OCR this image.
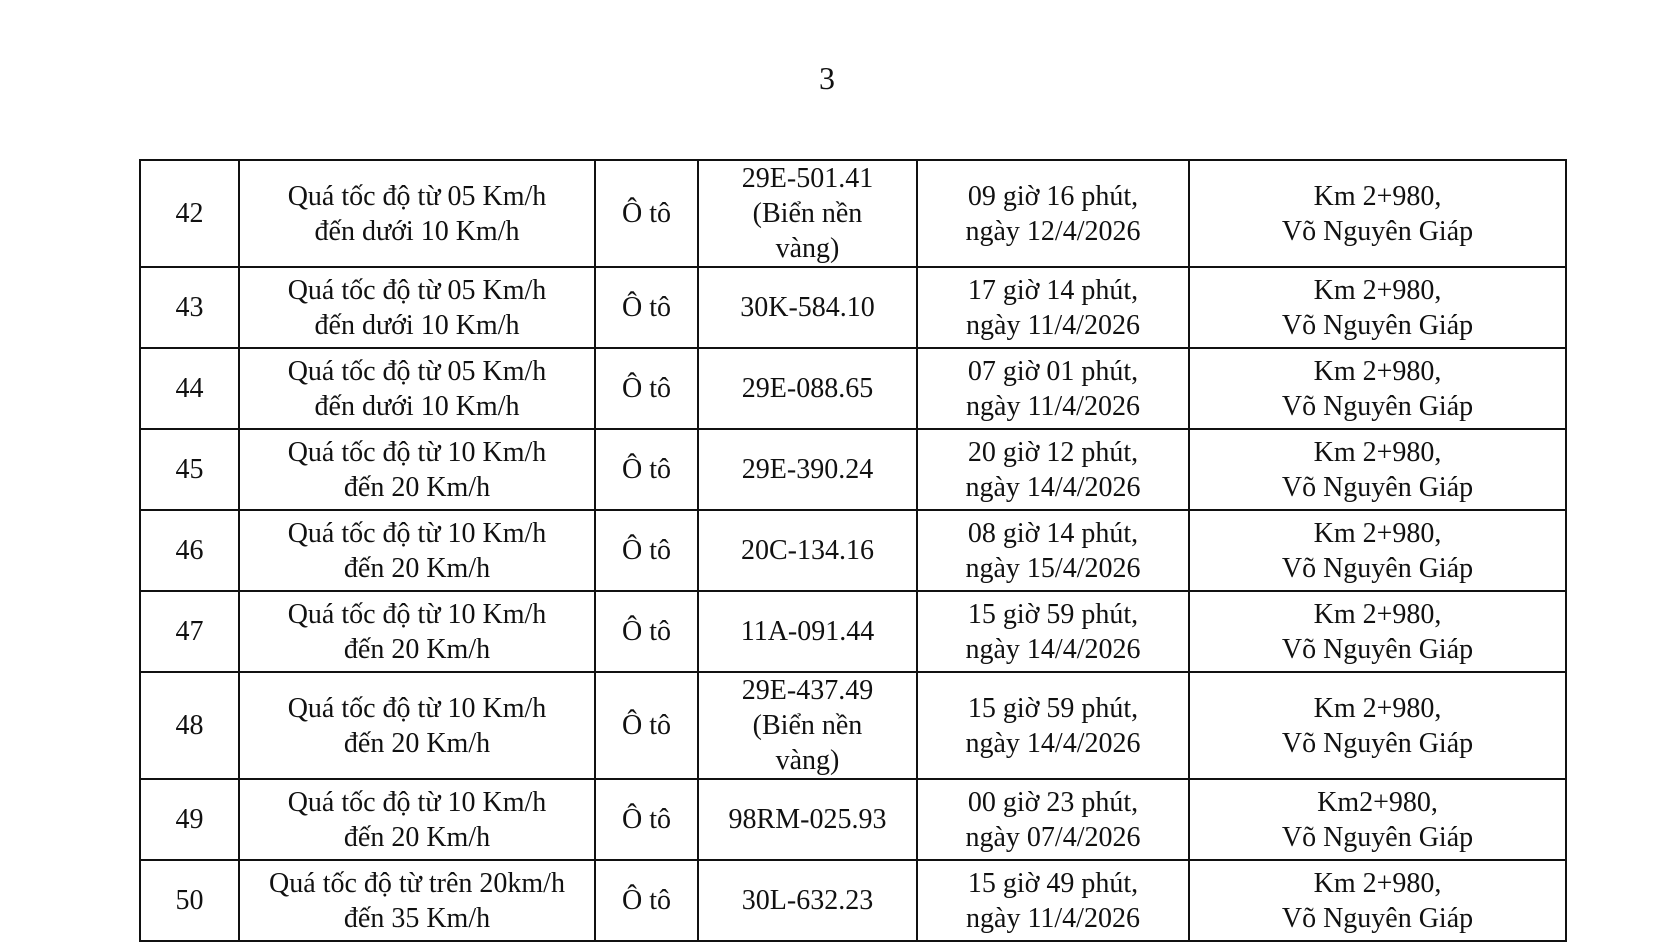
3
42	Quá tốc độ từ 05 Km/h
đến dưới 10 Km/h	Ô tô	29E-501.41
(Biển nền
vàng)	09 giờ 16 phút,
ngày 12/4/2026	Km 2+980,
Võ Nguyên Giáp

43	Quá tốc độ từ 05 Km/h
đến dưới 10 Km/h	Ô tô	30K-584.10	17 giờ 14 phút,
ngày 11/4/2026	Km 2+980,
Võ Nguyên Giáp

44	Quá tốc độ từ 05 Km/h
đến dưới 10 Km/h	Ô tô	29E-088.65	07 giờ 01 phút,
ngày 11/4/2026	Km 2+980,
Võ Nguyên Giáp

45	Quá tốc độ từ 10 Km/h
đến 20 Km/h	Ô tô	29E-390.24	20 giờ 12 phút,
ngày 14/4/2026	Km 2+980,
Võ Nguyên Giáp

46	Quá tốc độ từ 10 Km/h
đến 20 Km/h	Ô tô	20C-134.16	08 giờ 14 phút,
ngày 15/4/2026	Km 2+980,
Võ Nguyên Giáp

47	Quá tốc độ từ 10 Km/h
đến 20 Km/h	Ô tô	11A-091.44	15 giờ 59 phút,
ngày 14/4/2026	Km 2+980,
Võ Nguyên Giáp

48	Quá tốc độ từ 10 Km/h
đến 20 Km/h	Ô tô	29E-437.49
(Biển nền
vàng)	15 giờ 59 phút,
ngày 14/4/2026	Km 2+980,
Võ Nguyên Giáp

49	Quá tốc độ từ 10 Km/h
đến 20 Km/h	Ô tô	98RM-025.93	00 giờ 23 phút,
ngày 07/4/2026	Km2+980,
Võ Nguyên Giáp

50	Quá tốc độ từ trên 20km/h
đến 35 Km/h	Ô tô	30L-632.23	15 giờ 49 phút,
ngày 11/4/2026	Km 2+980,
Võ Nguyên Giáp
